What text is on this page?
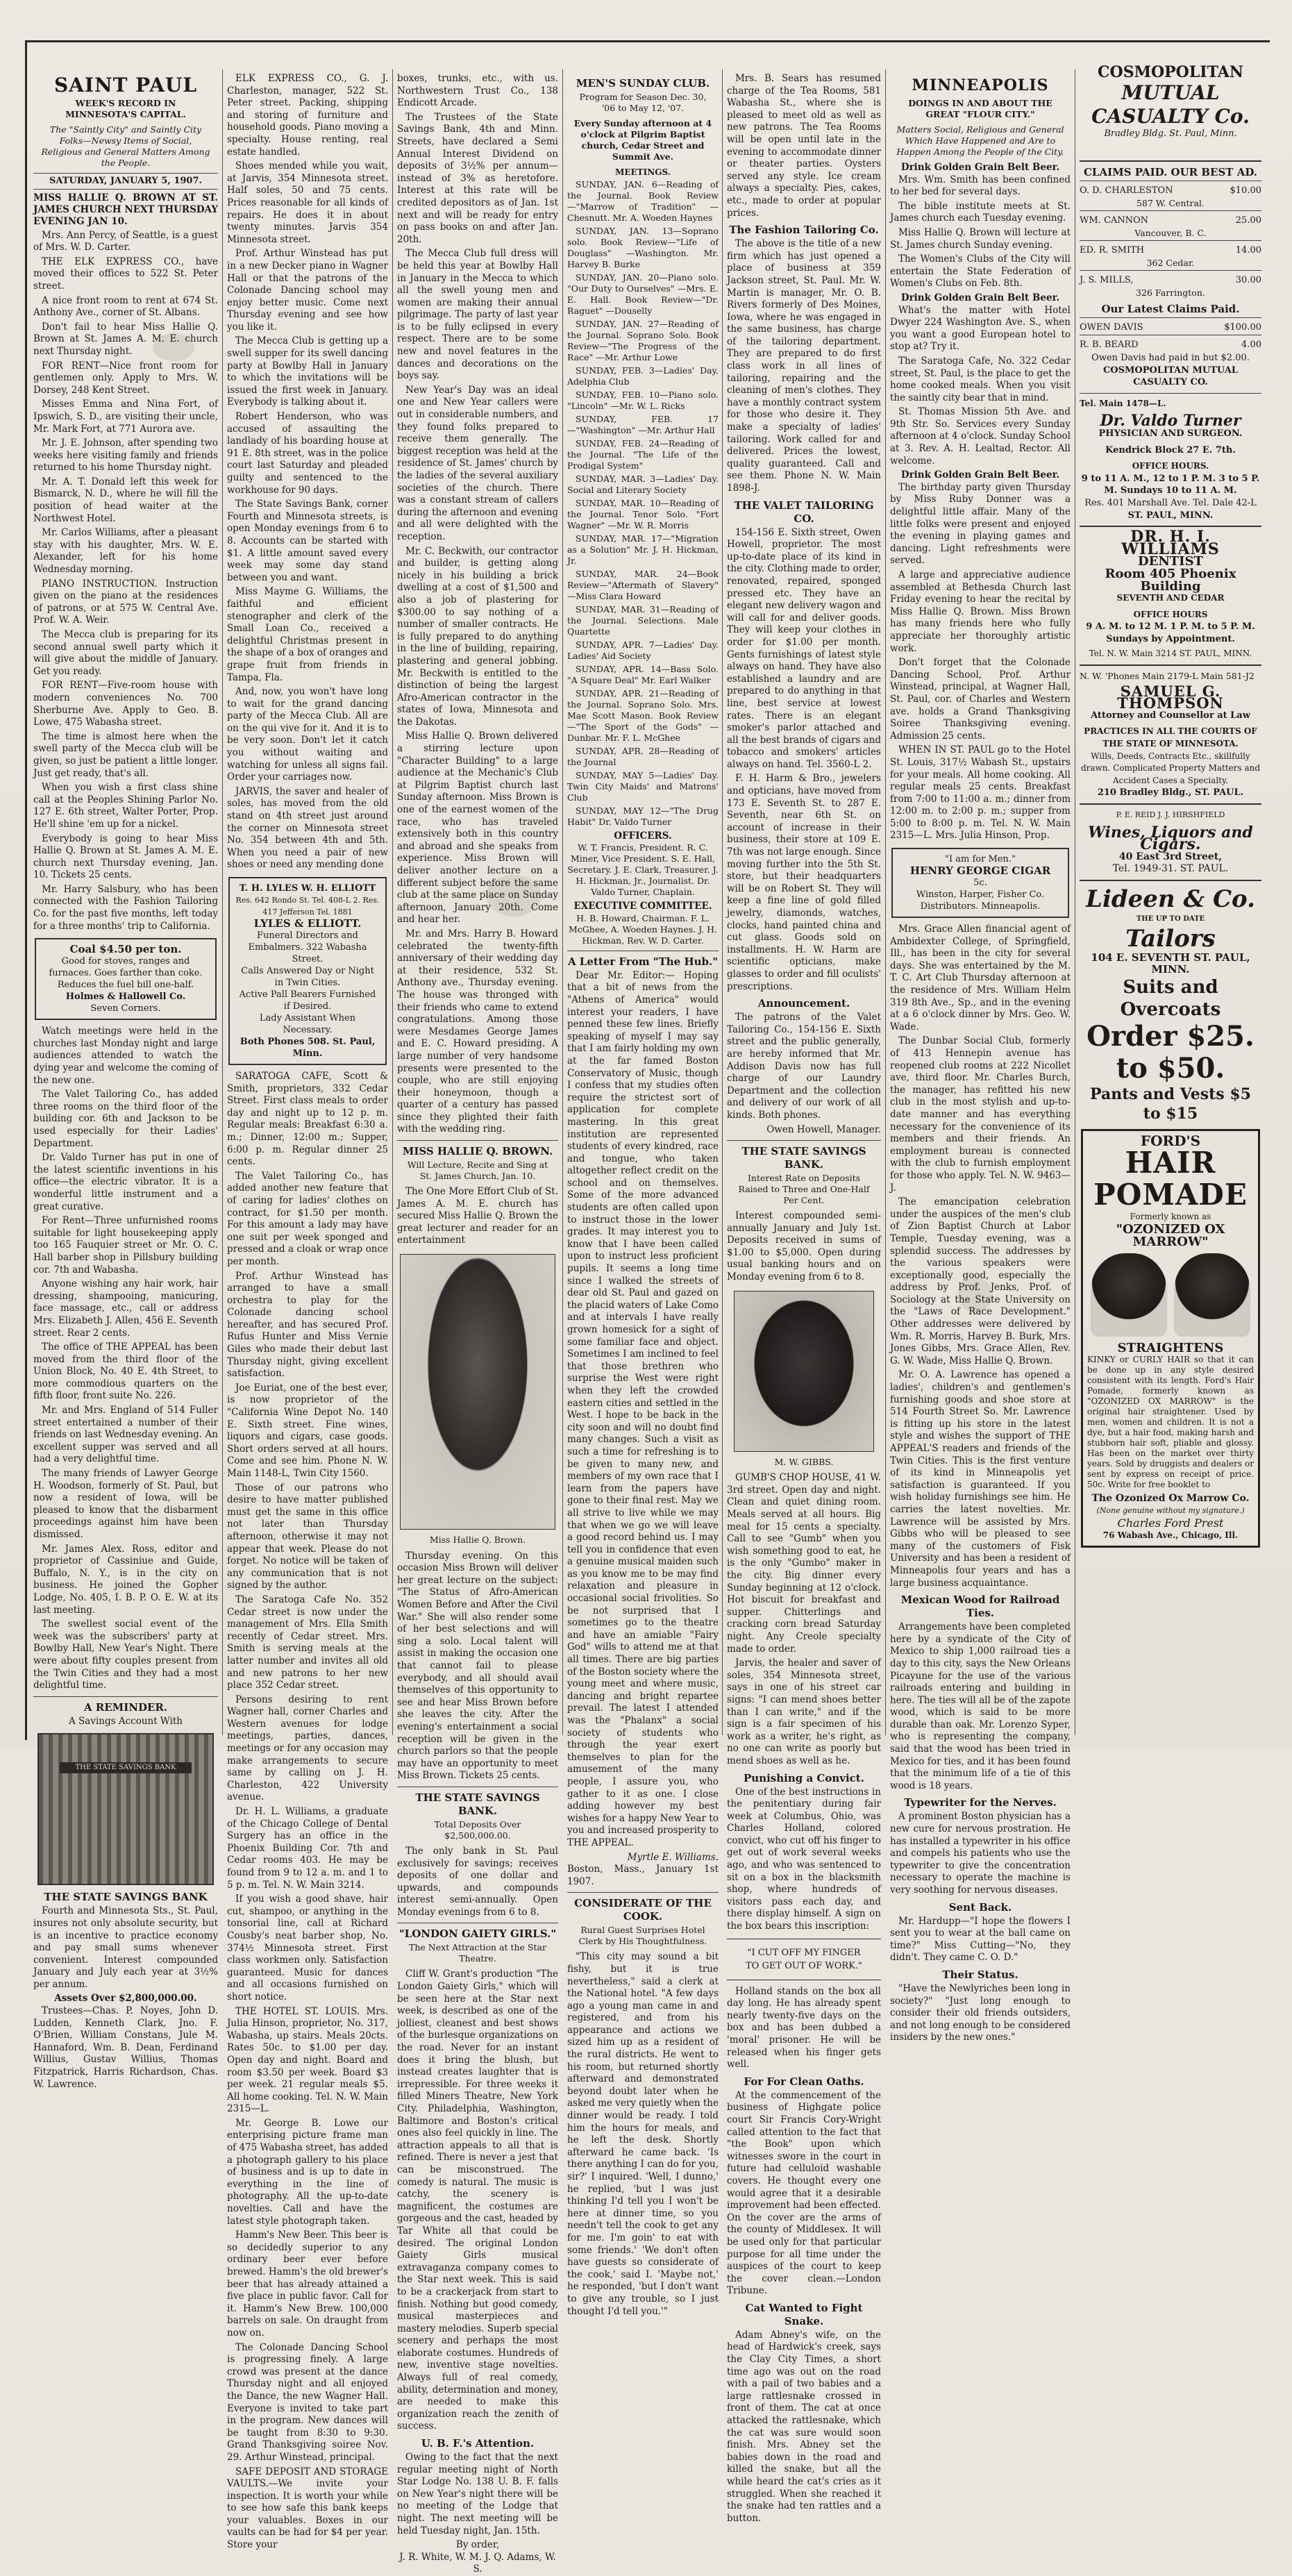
SAINT PAUL
WEEK'S RECORD IN MINNESOTA'S CAPITAL.
The "Saintly City" and Saintly City Folks—Newsy Items of Social, Religious and General Matters Among the People.
SATURDAY, JANUARY 5, 1907.

MISS HALLIE Q. BROWN AT ST. JAMES CHURCH NEXT THURSDAY EVENING JAN 10.

Mrs. Ann Percy, of Seattle, is a guest of Mrs. W. D. Carter.

THE ELK EXPRESS CO., have moved their offices to 522 St. Peter street.

A nice front room to rent at 674 St. Anthony Ave., corner of St. Albans.

Don't fail to hear Miss Hallie Q. Brown at St. James A. M. E. church next Thursday night.

FOR RENT—Nice front room for gentlemen only. Apply to Mrs. W. Dorsey, 248 Kent Street.

Misses Emma and Nina Fort, of Ipswich, S. D., are visiting their uncle, Mr. Mark Fort, at 771 Aurora ave.

Mr. J. E. Johnson, after spending two weeks here visiting family and friends returned to his home Thursday night.

Mr. A. T. Donald left this week for Bismarck, N. D., where he will fill the position of head waiter at the Northwest Hotel.

Mr. Carlos Williams, after a pleasant stay with his daughter, Mrs. W. E. Alexander, left for his home Wednesday morning.

PIANO INSTRUCTION. Instruction given on the piano at the residences of patrons, or at 575 W. Central Ave. Prof. W. A. Weir.

The Mecca club is preparing for its second annual swell party which it will give about the middle of January. Get you ready.

FOR RENT—Five-room house with modern conveniences No. 700 Sherburne Ave. Apply to Geo. B. Lowe, 475 Wabasha street.

The time is almost here when the swell party of the Mecca club will be given, so just be patient a little longer. Just get ready, that's all.

When you wish a first class shine call at the Peoples Shining Parlor No. 127 E. 6th street, Walter Porter, Prop. He'll shine 'em up for a nickel.

Everybody is going to hear Miss Hallie Q. Brown at St. James A. M. E. church next Thursday evening, Jan. 10. Tickets 25 cents.

Mr. Harry Salsbury, who has been connected with the Fashion Tailoring Co. for the past five months, left today for a three months' trip to California.

Coal $4.50 per ton.
Good for stoves, ranges and furnaces. Goes farther than coke. Reduces the fuel bill one-half.
Holmes & Hallowell Co.
Seven Corners.

Watch meetings were held in the churches last Monday night and large audiences attended to watch the dying year and welcome the coming of the new one.

The Valet Tailoring Co., has added three rooms on the third floor of the building cor. 6th and Jackson to be used especially for their Ladies' Department.

Dr. Valdo Turner has put in one of the latest scientific inventions in his office—the electric vibrator. It is a wonderful little instrument and a great curative.

For Rent—Three unfurnished rooms suitable for light housekeeping apply too 165 Fauquier street or Mr. O. C. Hall barber shop in Pillsbury building cor. 7th and Wabasha.

Anyone wishing any hair work, hair dressing, shampooing, manicuring, face massage, etc., call or address Mrs. Elizabeth J. Allen, 456 E. Seventh street. Rear 2 cents.

The office of THE APPEAL has been moved from the third floor of the Union Block, No. 40 E. 4th Street, to more commodious quarters on the fifth floor, front suite No. 226.

Mr. and Mrs. England of 514 Fuller street entertained a number of their friends on last Wednesday evening. An excellent supper was served and all had a very delightful time.

The many friends of Lawyer George H. Woodson, formerly of St. Paul, but now a resident of Iowa, will be pleased to know that the disbarment proceedings against him have been dismissed.

Mr. James Alex. Ross, editor and proprietor of Cassiniue and Guide, Buffalo, N. Y., is in the city on business. He joined the Gopher Lodge, No. 405, I. B. P. O. E. W. at its last meeting.

The swellest social event of the week was the subscribers' party at Bowlby Hall, New Year's Night. There were about fifty couples present from the Twin Cities and they had a most delightful time.

A REMINDER.
A Savings Account With
THE STATE SAVINGS BANK
THE STATE SAVINGS BANK

Fourth and Minnesota Sts., St. Paul, insures not only absolute security, but is an incentive to practice economy and pay small sums whenever convenient. Interest compounded January and July each year at 3½% per annum.

Assets Over $2,800,000.00.

Trustees—Chas. P. Noyes, John D. Ludden, Kenneth Clark, Jno. F. O'Brien, William Constans, Jule M. Hannaford, Wm. B. Dean, Ferdinand Willius, Gustav Willius, Thomas Fitzpatrick, Harris Richardson, Chas. W. Lawrence.

ELK EXPRESS CO., G. J. Charleston, manager, 522 St. Peter street. Packing, shipping and storing of furniture and household goods. Piano moving a specialty. House renting, real estate handled.

Shoes mended while you wait, at Jarvis, 354 Minnesota street. Half soles, 50 and 75 cents. Prices reasonable for all kinds of repairs. He does it in about twenty minutes. Jarvis 354 Minnesota street.

Prof. Arthur Winstead has put in a new Decker piano in Wagner Hall or that the patrons of the Colonade Dancing school may enjoy better music. Come next Thursday evening and see how you like it.

The Mecca Club is getting up a swell supper for its swell dancing party at Bowlby Hall in January to which the invitations will be issued the first week in January. Everybody is talking about it.

Robert Henderson, who was accused of assaulting the landlady of his boarding house at 91 E. 8th street, was in the police court last Saturday and pleaded guilty and sentenced to the workhouse for 90 days.

The State Savings Bank, corner Fourth and Minnesota streets, is open Monday evenings from 6 to 8. Accounts can be started with $1. A little amount saved every week may some day stand between you and want.

Miss Mayme G. Williams, the faithful and efficient stenographer and clerk of the Small Loan Co., received a delightful Christmas present in the shape of a box of oranges and grape fruit from friends in Tampa, Fla.

And, now, you won't have long to wait for the grand dancing party of the Mecca Club. All are on the qui vive for it. And it is to be very soon. Don't let it catch you without waiting and watching for unless all signs fail. Order your carriages now.

JARVIS, the saver and healer of soles, has moved from the old stand on 4th street just around the corner on Minnesota street No. 354 between 4th and 5th. When you need a pair of new shoes or need any mending done

T. H. LYLES W. H. ELLIOTT
Res. 642 Rondo St. Tel. 408-L 2. Res. 417 Jefferson Tel. 1881
LYLES & ELLIOTT.
Funeral Directors and Embalmers. 322 Wabasha Street.
Calls Answered Day or Night in Twin Cities.
Active Pall Bearers Furnished if Desired.
Lady Assistant When Necessary.
Both Phones 508. St. Paul, Minn.

SARATOGA CAFE, Scott & Smith, proprietors, 332 Cedar Street. First class meals to order day and night up to 12 p. m. Regular meals: Breakfast 6:30 a. m.; Dinner, 12:00 m.; Supper, 6:00 p. m. Regular dinner 25 cents.

The Valet Tailoring Co., has added another new feature that of caring for ladies' clothes on contract, for $1.50 per month. For this amount a lady may have one suit per week sponged and pressed and a cloak or wrap once per month.

Prof. Arthur Winstead has arranged to have a small orchestra to play for the Colonade dancing school hereafter, and has secured Prof. Rufus Hunter and Miss Vernie Giles who made their debut last Thursday night, giving excellent satisfaction.

Joe Euriat, one of the best ever, is now proprietor of the "California Wine Depot No. 140 E. Sixth street. Fine wines, liquors and cigars, case goods. Short orders served at all hours. Come and see him. Phone N. W. Main 1148-L, Twin City 1560.

Those of our patrons who desire to have matter published must get the same in this office not later than Thursday afternoon, otherwise it may not appear that week. Please do not forget. No notice will be taken of any communication that is not signed by the author.

The Saratoga Cafe No. 352 Cedar street is now under the management of Mrs. Ella Smith recently of Cedar street. Mrs. Smith is serving meals at the latter number and invites all old and new patrons to her new place 352 Cedar street.

Persons desiring to rent Wagner hall, corner Charles and Western avenues for lodge meetings, parties, dances, meetings or for any occasion may make arrangements to secure same by calling on J. H. Charleston, 422 University avenue.

Dr. H. L. Williams, a graduate of the Chicago College of Dental Surgery has an office in the Phoenix Building Cor. 7th and Cedar rooms 403. He may be found from 9 to 12 a. m. and 1 to 5 p. m. Tel. N. W. Main 3214.

If you wish a good shave, hair cut, shampoo, or anything in the tonsorial line, call at Richard Cousby's neat barber shop, No. 374½ Minnesota street. First class workmen only. Satisfaction guaranteed. Music for dances and all occasions furnished on short notice.

THE HOTEL ST. LOUIS. Mrs. Julia Hinson, proprietor, No. 317, Wabasha, up stairs. Meals 20cts. Rates 50c. to $1.00 per day. Open day and night. Board and room $3.50 per week. Board $3 per week. 21 regular meals $5. All home cooking. Tel. N. W. Main 2315—L.

Mr. George B. Lowe our enterprising picture frame man of 475 Wabasha street, has added a photograph gallery to his place of business and is up to date in everything in the line of photography. All the up-to-date novelties. Call and have the latest style photograph taken.

Hamm's New Beer. This beer is so decidedly superior to any ordinary beer ever before brewed. Hamm's the old brewer's beer that has already attained a five place in public favor. Call for it. Hamm's New Brew. 100,000 barrels on sale. On draught from now on.

The Colonade Dancing School is progressing finely. A large crowd was present at the dance Thursday night and all enjoyed the Dance, the new Wagner Hall. Everyone is invited to take part in the program. New dances will be taught from 8:30 to 9:30. Grand Thanksgiving soiree Nov. 29. Arthur Winstead, principal.

SAFE DEPOSIT AND STORAGE VAULTS.—We invite your inspection. It is worth your while to see how safe this bank keeps your valuables. Boxes in our vaults can be had for $4 per year. Store your

boxes, trunks, etc., with us. Northwestern Trust Co., 138 Endicott Arcade.

The Trustees of the State Savings Bank, 4th and Minn. Streets, have declared a Semi Annual Interest Dividend on deposits of 3½% per annum—instead of 3% as heretofore. Interest at this rate will be credited depositors as of Jan. 1st next and will be ready for entry on pass books on and after Jan. 20th.

The Mecca Club full dress will be held this year at Bowlby Hall in January in the Mecca to which all the swell young men and women are making their annual pilgrimage. The party of last year is to be fully eclipsed in every respect. There are to be some new and novel features in the dances and decorations on the boys say.

New Year's Day was an ideal one and New Year callers were out in considerable numbers, and they found folks prepared to receive them generally. The biggest reception was held at the residence of St. James' church by the ladies of the several auxiliary societies of the church. There was a constant stream of callers during the afternoon and evening and all were delighted with the reception.

Mr. C. Beckwith, our contractor and builder, is getting along nicely in his building a brick dwelling at a cost of $1,500 and also a job of plastering for $300.00 to say nothing of a number of smaller contracts. He is fully prepared to do anything in the line of building, repairing, plastering and general jobbing. Mr. Beckwith is entitled to the distinction of being the largest Afro-American contractor in the states of Iowa, Minnesota and the Dakotas.

Miss Hallie Q. Brown delivered a stirring lecture upon "Character Building" to a large audience at the Mechanic's Club at Pilgrim Baptist church last Sunday afternoon. Miss Brown is one of the earnest women of the race, who has traveled extensively both in this country and abroad and she speaks from experience. Miss Brown will deliver another lecture on a different subject before the same club at the same place on Sunday afternoon, January 20th. Come and hear her.

Mr. and Mrs. Harry B. Howard celebrated the twenty-fifth anniversary of their wedding day at their residence, 532 St. Anthony ave., Thursday evening. The house was thronged with their friends who came to extend congratulations. Among those were Mesdames George James and E. C. Howard presiding. A large number of very handsome presents were presented to the couple, who are still enjoying their honeymoon, though a quarter of a century has passed since they plighted their faith with the wedding ring.

MISS HALLIE Q. BROWN.
Will Lecture, Recite and Sing at St. James Church, Jan. 10.

The One More Effort Club of St. James A. M. E. church has secured Miss Hallie Q. Brown the great lecturer and reader for an entertainment

Miss Hallie Q. Brown.

Thursday evening. On this occasion Miss Brown will deliver her great lecture on the subject: "The Status of Afro-American Women Before and After the Civil War." She will also render some of her best selections and will sing a solo. Local talent will assist in making the occasion one that cannot fail to please everybody, and all should avail themselves of this opportunity to see and hear Miss Brown before she leaves the city. After the evening's entertainment a social reception will be given in the church parlors so that the people may have an opportunity to meet Miss Brown. Tickets 25 cents.

THE STATE SAVINGS BANK.
Total Deposits Over $2,500,000.00.

The only bank in St. Paul exclusively for savings; receives deposits of one dollar and upwards, and compounds interest semi-annually. Open Monday evenings from 6 to 8.

"LONDON GAIETY GIRLS."
The Next Attraction at the Star Theatre.

Cliff W. Grant's production "The London Gaiety Girls," which will be seen here at the Star next week, is described as one of the jolliest, cleanest and best shows of the burlesque organizations on the road. Never for an instant does it bring the blush, but instead creates laughter that is irrepressible. For three weeks it filled Miners Theatre, New York City. Philadelphia, Washington, Baltimore and Boston's critical ones also feel quickly in line. The attraction appeals to all that is refined. There is never a jest that can be misconstrued. The comedy is natural. The music is catchy, the scenery is magnificent, the costumes are gorgeous and the cast, headed by Tar White all that could be desired. The original London Gaiety Girls musical extravaganza company comes to the Star next week. This is said to be a crackerjack from start to finish. Nothing but good comedy, musical masterpieces and mastery melodies. Superb special scenery and perhaps the most elaborate costumes. Hundreds of new, inventive stage novelties. Always full of real comedy, ability, determination and money, are needed to make this organization reach the zenith of success.

U. B. F.'s Attention.

Owing to the fact that the next regular meeting night of North Star Lodge No. 138 U. B. F. falls on New Year's night there will be no meeting of the Lodge that night. The next meeting will be held Tuesday night, Jan. 15th.

By order,
J. R. White, W. M. J. Q. Adams, W. S.
MEN'S SUNDAY CLUB.
Program for Season Dec. 30, '06 to May 12, '07.
Every Sunday afternoon at 4 o'clock at Pilgrim Baptist church, Cedar Street and Summit Ave.
MEETINGS.

SUNDAY, JAN. 6—Reading of the Journal. Book Review—"Marrow of Tradition" —Chesnutt. Mr. A. Woeden Haynes

SUNDAY, JAN. 13—Soprano solo. Book Review—"Life of Douglass" —Washington. Mr. Harvey B. Burke

SUNDAY, JAN. 20—Piano solo. "Our Duty to Ourselves" —Mrs. E. E. Hall. Book Review—"Dr. Raguet" —Douselly

SUNDAY, JAN. 27—Reading of the Journal. Soprano Solo. Book Review—"The Progress of the Race" —Mr. Arthur Lowe

SUNDAY, FEB. 3—Ladies' Day. Adelphia Club

SUNDAY, FEB. 10—Piano solo. "Lincoln" —Mr. W. L. Ricks

SUNDAY, FEB. 17—"Washington" —Mr. Arthur Hall

SUNDAY, FEB. 24—Reading of the Journal. "The Life of the Prodigal System"

SUNDAY, MAR. 3—Ladies' Day. Social and Literary Society

SUNDAY, MAR. 10—Reading of the Journal. Tenor Solo. "Fort Wagner" —Mr. W. R. Morris

SUNDAY, MAR. 17—"Migration as a Solution" Mr. J. H. Hickman, Jr.

SUNDAY, MAR. 24—Book Review—"Aftermath of Slavery" —Miss Clara Howard

SUNDAY, MAR. 31—Reading of the Journal. Selections. Male Quartette

SUNDAY, APR. 7—Ladies' Day. Ladies' Aid Society

SUNDAY, APR. 14—Bass Solo. "A Square Deal" Mr. Earl Walker

SUNDAY, APR. 21—Reading of the Journal. Soprano Solo. Mrs. Mae Scott Mason. Book Review—"The Sport of the Gods" —Dunbar. Mr. F. L. McGhee

SUNDAY, APR. 28—Reading of the Journal

SUNDAY, MAY 5—Ladies' Day. Twin City Maids' and Matrons' Club

SUNDAY, MAY 12—"The Drug Habit" Dr. Valdo Turner

OFFICERS.
W. T. Francis, President. R. C. Miner, Vice President. S. E. Hall, Secretary. J. E. Clark, Treasurer. J. H. Hickman, Jr., Journalist. Dr. Valdo Turner, Chaplain.
EXECUTIVE COMMITTEE.
H. B. Howard, Chairman. F. L. McGhee, A. Woeden Haynes. J. H. Hickman, Rev. W. D. Carter.
A Letter From "The Hub."

Dear Mr. Editor:— Hoping that a bit of news from the "Athens of America" would interest your readers, I have penned these few lines. Briefly speaking of myself I may say that I am fairly holding my own at the far famed Boston Conservatory of Music, though I confess that my studies often require the strictest sort of application for complete mastering. In this great institution are represented students of every kindred, race and tongue, who taken altogether reflect credit on the school and on themselves. Some of the more advanced students are often called upon to instruct those in the lower grades. It may interest you to know that I have been called upon to instruct less proficient pupils. It seems a long time since I walked the streets of dear old St. Paul and gazed on the placid waters of Lake Como and at intervals I have really grown homesick for a sight of some familiar face and object. Sometimes I am inclined to feel that those brethren who surprise the West were right when they left the crowded eastern cities and settled in the West. I hope to be back in the city soon and will no doubt find many changes. Such a visit as such a time for refreshing is to be given to many new, and members of my own race that I learn from the papers have gone to their final rest. May we all strive to live while we may that when we go we will leave a good record behind us. I may tell you in confidence that even a genuine musical maiden such as you know me to be may find relaxation and pleasure in occasional social frivolities. So be not surprised that I sometimes go to the theatre and have an amiable "Fairy God" wills to attend me at that all times. There are big parties of the Boston society where the young meet and where music, dancing and bright repartee prevail. The latest I attended was the "Phalanx" a social society of students who through the year exert themselves to plan for the amusement of the many people, I assure you, who gather to it as one. I close adding however my best wishes for a happy New Year to you and increased prosperity to THE APPEAL.

Myrtle E. Williams.
Boston, Mass., January 1st 1907.
CONSIDERATE OF THE COOK.
Rural Guest Surprises Hotel Clerk by His Thoughtfulness.

"This city may sound a bit fishy, but it is true nevertheless," said a clerk at the National hotel. "A few days ago a young man came in and registered, and from his appearance and actions we sized him up as a resident of the rural districts. He went to his room, but returned shortly afterward and demonstrated beyond doubt later when he asked me very quietly when the dinner would be ready. I told him the hours for meals, and he left the desk. Shortly afterward he came back. 'Is there anything I can do for you, sir?' I inquired. 'Well, I dunno,' he replied, 'but I was just thinking I'd tell you I won't be here at dinner time, so you needn't tell the cook to get any for me. I'm goin' to eat with some friends.' 'We don't often have guests so considerate of the cook,' said I. 'Maybe not,' he responded, 'but I don't want to give any trouble, so I just thought I'd tell you.'"

Mrs. B. Sears has resumed charge of the Tea Rooms, 581 Wabasha St., where she is pleased to meet old as well as new patrons. The Tea Rooms will be open until late in the evening to accommodate dinner or theater parties. Oysters served any style. Ice cream always a specialty. Pies, cakes, etc., made to order at popular prices.

The Fashion Tailoring Co.

The above is the title of a new firm which has just opened a place of business at 359 Jackson street, St. Paul. Mr. W. Martin is manager, Mr. O. B. Rivers formerly of Des Moines, Iowa, where he was engaged in the same business, has charge of the tailoring department. They are prepared to do first class work in all lines of tailoring, repairing and the cleaning of men's clothes. They have a monthly contract system for those who desire it. They make a specialty of ladies' tailoring. Work called for and delivered. Prices the lowest, quality guaranteed. Call and see them. Phone N. W. Main 1898-J.

THE VALET TAILORING CO.

154-156 E. Sixth street, Owen Howell, proprietor. The most up-to-date place of its kind in the city. Clothing made to order, renovated, repaired, sponged pressed etc. They have an elegant new delivery wagon and will call for and deliver goods. They will keep your clothes in order for $1.00 per month. Gents furnishings of latest style always on hand. They have also established a laundry and are prepared to do anything in that line, best service at lowest rates. There is an elegant smoker's parlor attached and all the best brands of cigars and tobacco and smokers' articles always on hand. Tel. 3560-L 2.

F. H. Harm & Bro., jewelers and opticians, have moved from 173 E. Seventh St. to 287 E. Seventh, near 6th St. on account of increase in their business, their store at 109 E. 7th was not large enough. Since moving further into the 5th St. store, but their headquarters will be on Robert St. They will keep a fine line of gold filled jewelry, diamonds, watches, clocks, hand painted china and cut glass. Goods sold on installments. H. W. Harm are scientific opticians, make glasses to order and fill oculists' prescriptions.

Announcement.

The patrons of the Valet Tailoring Co., 154-156 E. Sixth street and the public generally, are hereby informed that Mr. Addison Davis now has full charge of our Laundry Department and the collection and delivery of our work of all kinds. Both phones.

Owen Howell, Manager.
THE STATE SAVINGS BANK.
Interest Rate on Deposits Raised to Three and One-Half Per Cent.

Interest compounded semi-annually January and July 1st. Deposits received in sums of $1.00 to $5,000. Open during usual banking hours and on Monday evening from 6 to 8.

M. W. GIBBS.

GUMB'S CHOP HOUSE, 41 W. 3rd street. Open day and night. Clean and quiet dining room. Meals served at all hours. Big meal for 15 cents a specialty. Call to see "Gumb" when you wish something good to eat, he is the only "Gumbo" maker in the city. Big dinner every Sunday beginning at 12 o'clock. Hot biscuit for breakfast and supper. Chitterlings and cracking corn bread Saturday night. Any Creole specialty made to order.

Jarvis, the healer and saver of soles, 354 Minnesota street, says in one of his street car signs: "I can mend shoes better than I can write," and if the sign is a fair specimen of his work as a writer, he's right, as no one can write as poorly but mend shoes as well as he.

Punishing a Convict.

One of the best instructions in the penitentiary during fair week at Columbus, Ohio, was Charles Holland, colored convict, who cut off his finger to get out of work several weeks ago, and who was sentenced to sit on a box in the blacksmith shop, where hundreds of visitors pass each day, and there display himself. A sign on the box bears this inscription:

"I CUT OFF MY FINGER
TO GET OUT OF WORK."

Holland stands on the box all day long. He has already spent nearly twenty-five days on the box and has been dubbed a 'moral' prisoner. He will be released when his finger gets well.

For For Clean Oaths.

At the commencement of the business of Highgate police court Sir Francis Cory-Wright called attention to the fact that "the Book" upon which witnesses swore in the court in future had celluloid washable covers. He thought every one would agree that it a desirable improvement had been effected. On the cover are the arms of the county of Middlesex. It will be used only for that particular purpose for all time under the auspices of the court to keep the cover clean.—London Tribune.

Cat Wanted to Fight Snake.

Adam Abney's wife, on the head of Hardwick's creek, says the Clay City Times, a short time ago was out on the road with a pail of two babies and a large rattlesnake crossed in front of them. The cat at once attacked the rattlesnake, which the cat was sure would soon finish. Mrs. Abney set the babies down in the road and killed the snake, but all the while heard the cat's cries as it struggled. When she reached it the snake had ten rattles and a button.

MINNEAPOLIS
DOINGS IN AND ABOUT THE GREAT "FLOUR CITY."
Matters Social, Religious and General Which Have Happened and Are to Happen Among the People of the City.
Drink Golden Grain Belt Beer.

Mrs. Wm. Smith has been confined to her bed for several days.

The bible institute meets at St. James church each Tuesday evening.

Miss Hallie Q. Brown will lecture at St. James church Sunday evening.

The Women's Clubs of the City will entertain the State Federation of Women's Clubs on Feb. 8th.

Drink Golden Grain Belt Beer.

What's the matter with Hotel Dwyer 224 Washington Ave. S., when you want a good European hotel to stop at? Try it.

The Saratoga Cafe, No. 322 Cedar street, St. Paul, is the place to get the home cooked meals. When you visit the saintly city bear that in mind.

St. Thomas Mission 5th Ave. and 9th Str. So. Services every Sunday afternoon at 4 o'clock. Sunday School at 3. Rev. A. H. Lealtad, Rector. All welcome.

Drink Golden Grain Belt Beer.

The birthday party given Thursday by Miss Ruby Donner was a delightful little affair. Many of the little folks were present and enjoyed the evening in playing games and dancing. Light refreshments were served.

A large and appreciative audience assembled at Bethesda Church last Friday evening to hear the recital by Miss Hallie Q. Brown. Miss Brown has many friends here who fully appreciate her thoroughly artistic work.

Don't forget that the Colonade Dancing School, Prof. Arthur Winstead, principal, at Wagner Hall, St. Paul, cor. of Charles and Western ave. holds a Grand Thanksgiving Soiree Thanksgiving evening. Admission 25 cents.

WHEN IN ST. PAUL go to the Hotel St. Louis, 317½ Wabash St., upstairs for your meals. All home cooking. All regular meals 25 cents. Breakfast from 7:00 to 11:00 a. m.; dinner from 12:00 m. to 2:00 p. m.; supper from 5:00 to 8:00 p. m. Tel. N. W. Main 2315—L. Mrs. Julia Hinson, Prop.

"I am for Men."
HENRY GEORGE CIGAR
5c.
Winston, Harper, Fisher Co.
Distributors. Minneapolis.

Mrs. Grace Allen financial agent of Ambidexter College, of Springfield, Ill., has been in the city for several days. She was entertained by the M. T. C. Art Club Thursday afternoon at the residence of Mrs. William Helm 319 8th Ave., Sp., and in the evening at a 6 o'clock dinner by Mrs. Geo. W. Wade.

The Dunbar Social Club, formerly of 413 Hennepin avenue has reopened club rooms at 222 Nicollet ave, third floor. Mr. Charles Burch, the manager, has refitted his new club in the most stylish and up-to-date manner and has everything necessary for the convenience of its members and their friends. An employment bureau is connected with the club to furnish employment for those who apply. Tel. N. W. 9463—J.

The emancipation celebration under the auspices of the men's club of Zion Baptist Church at Labor Temple, Tuesday evening, was a splendid success. The addresses by the various speakers were exceptionally good, especially the address by Prof. Jenks, Prof. of Sociology at the State University on the "Laws of Race Development." Other addresses were delivered by Wm. R. Morris, Harvey B. Burk, Mrs. Jones Gibbs, Mrs. Grace Allen, Rev. G. W. Wade, Miss Hallie Q. Brown.

Mr. O. A. Lawrence has opened a ladies', children's and gentlemen's furnishing goods and shoe store at 514 Fourth Street So. Mr. Lawrence is fitting up his store in the latest style and wishes the support of THE APPEAL'S readers and friends of the Twin Cities. This is the first venture of its kind in Minneapolis yet satisfaction is guaranteed. If you wish holiday furnishings see him. He carries the latest novelties. Mr. Lawrence will be assisted by Mrs. Gibbs who will be pleased to see many of the customers of Fisk University and has been a resident of Minneapolis four years and has a large business acquaintance.

Mexican Wood for Railroad Ties.

Arrangements have been completed here by a syndicate of the City of Mexico to ship 1,000 railroad ties a day to this city, says the New Orleans Picayune for the use of the various railroads entering and building in here. The ties will all be of the zapote wood, which is said to be more durable than oak. Mr. Lorenzo Syper, who is representing the company, said that the wood has been tried in Mexico for ties, and it has been found that the minimum life of a tie of this wood is 18 years.

Typewriter for the Nerves.

A prominent Boston physician has a new cure for nervous prostration. He has installed a typewriter in his office and compels his patients who use the typewriter to give the concentration necessary to operate the machine is very soothing for nervous diseases.

Sent Back.

Mr. Hardupp—"I hope the flowers I sent you to wear at the ball came on time?" Miss Cutting—"No, they didn't. They came C. O. D."

Their Status.

"Have the Newlyriches been long in society?" "Just long enough to consider their old friends outsiders, and not long enough to be considered insiders by the new ones."

COSMOPOLITAN
MUTUAL CASUALTY Co.
Bradley Bldg. St. Paul, Minn.
CLAIMS PAID. OUR BEST AD.
O. D. CHARLESTON	$10.00
587 W. Central.
WM. CANNON	25.00
Vancouver, B. C.
ED. R. SMITH	14.00
362 Cedar.
J. S. MILLS,	30.00
326 Farrington.
Our Latest Claims Paid.
OWEN DAVIS	$100.00
R. B. BEARD	4.00
Owen Davis had paid in but $2.00.
COSMOPOLITAN MUTUAL CASUALTY CO.
Tel. Main 1478—L.
Dr. Valdo Turner
PHYSICIAN AND SURGEON.
Kendrick Block 27 E. 7th.
OFFICE HOURS.
9 to 11 A. M., 12 to 1 P. M. 3 to 5 P. M. Sundays 10 to 11 A. M.
Res. 401 Marshall Ave. Tel. Dale 42-L
ST. PAUL, MINN.
DR. H. I. WILLIAMS
DENTIST
Room 405 Phoenix Building
SEVENTH AND CEDAR
OFFICE HOURS
9 A. M. to 12 M. 1 P. M. to 5 P. M.
Sundays by Appointment.
Tel. N. W. Main 3214 ST. PAUL, MINN.
N. W. 'Phones Main 2179-L Main 581-J2
SAMUEL G. THOMPSON
Attorney and Counsellor at Law
PRACTICES IN ALL THE COURTS OF THE STATE OF MINNESOTA.
Wills, Deeds, Contracts Etc., skillfully drawn. Complicated Property Matters and Accident Cases a Specialty.
210 Bradley Bldg., ST. PAUL.
P. E. REID J. J. HIRSHFIELD
Wines, Liquors and Cigars.
40 East 3rd Street,
Tel. 1949-31. ST. PAUL.
Lideen & Co.
THE UP TO DATE
Tailors
104 E. SEVENTH ST. PAUL, MINN.
Suits and Overcoats
Order $25. to $50.
Pants and Vests $5 to $15
FORD'S
HAIR POMADE
Formerly known as
"OZONIZED OX MARROW"
STRAIGHTENS
KINKY or CURLY HAIR so that it can be done up in any style desired consistent with its length. Ford's Hair Pomade, formerly known as "OZONIZED OX MARROW" is the original hair straightener. Used by men, women and children. It is not a dye, but a hair food, making harsh and stubborn hair soft, pliable and glossy. Has been on the market over thirty years. Sold by druggists and dealers or sent by express on receipt of price. 50c. Write for free booklet to
The Ozonized Ox Marrow Co.
(None genuine without my signature.)
Charles Ford Prest
76 Wabash Ave., Chicago, Ill.
